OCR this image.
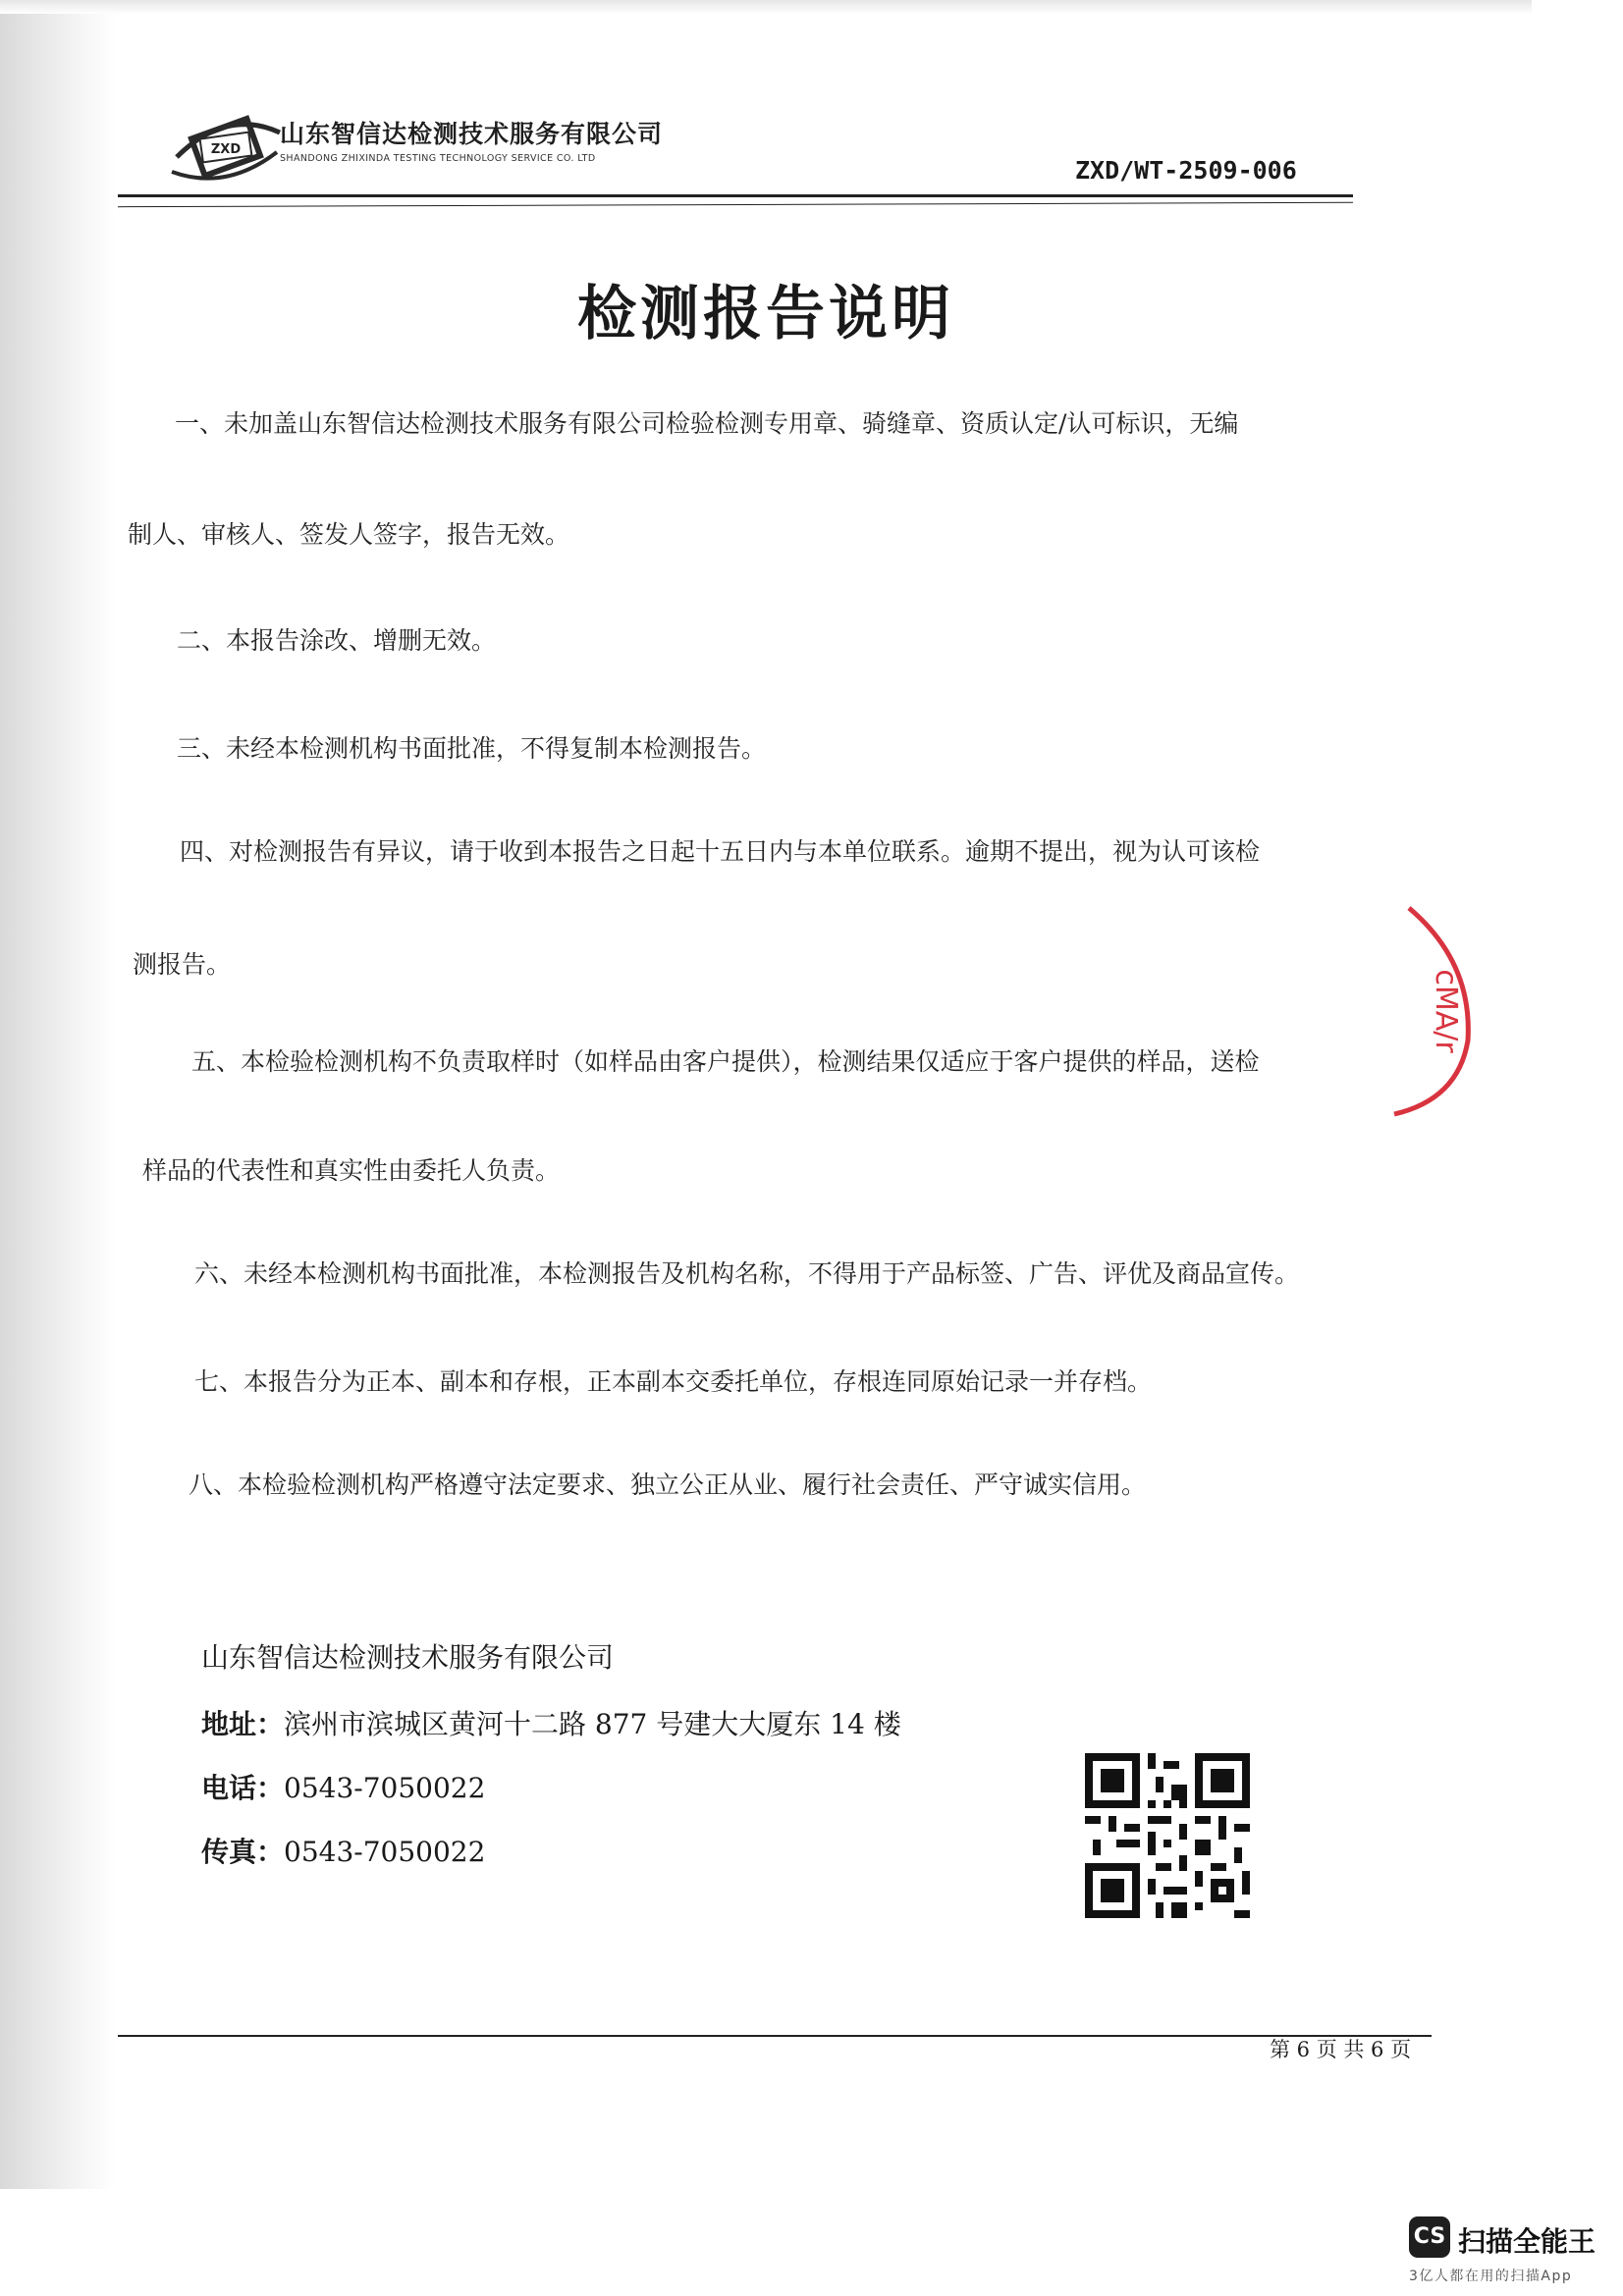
ZXD
山东智信达检测技术服务有限公司
SHANDONG ZHIXINDA TESTING TECHNOLOGY SERVICE CO. LTD	ZXD/WT-2509-006
检测报告说明
一、未加盖山东智信达检测技术服务有限公司检验检测专用章、骑缝章、资质认定/认可标识，无编
制人、审核人、签发人签字，报告无效。
二、本报告涂改、增删无效。
三、未经本检测机构书面批准，不得复制本检测报告。
四、对检测报告有异议，请于收到本报告之日起十五日内与本单位联系。逾期不提出，视为认可该检
测报告。
五、本检验检测机构不负责取样时（如样品由客户提供），检测结果仅适应于客户提供的样品，送检
样品的代表性和真实性由委托人负责。
六、未经本检测机构书面批准，本检测报告及机构名称，不得用于产品标签、广告、评优及商品宣传。
七、本报告分为正本、副本和存根，正本副本交委托单位，存根连同原始记录一并存档。
八、本检验检测机构严格遵守法定要求、独立公正从业、履行社会责任、严守诚实信用。
cMA/r
山东智信达检测技术服务有限公司
地址：滨州市滨城区黄河十二路 877 号建大大厦东 14 楼
电话：0543-7050022
传真：0543-7050022
第 6 页 共 6 页
CS 扫描全能王
3亿人都在用的扫描App
